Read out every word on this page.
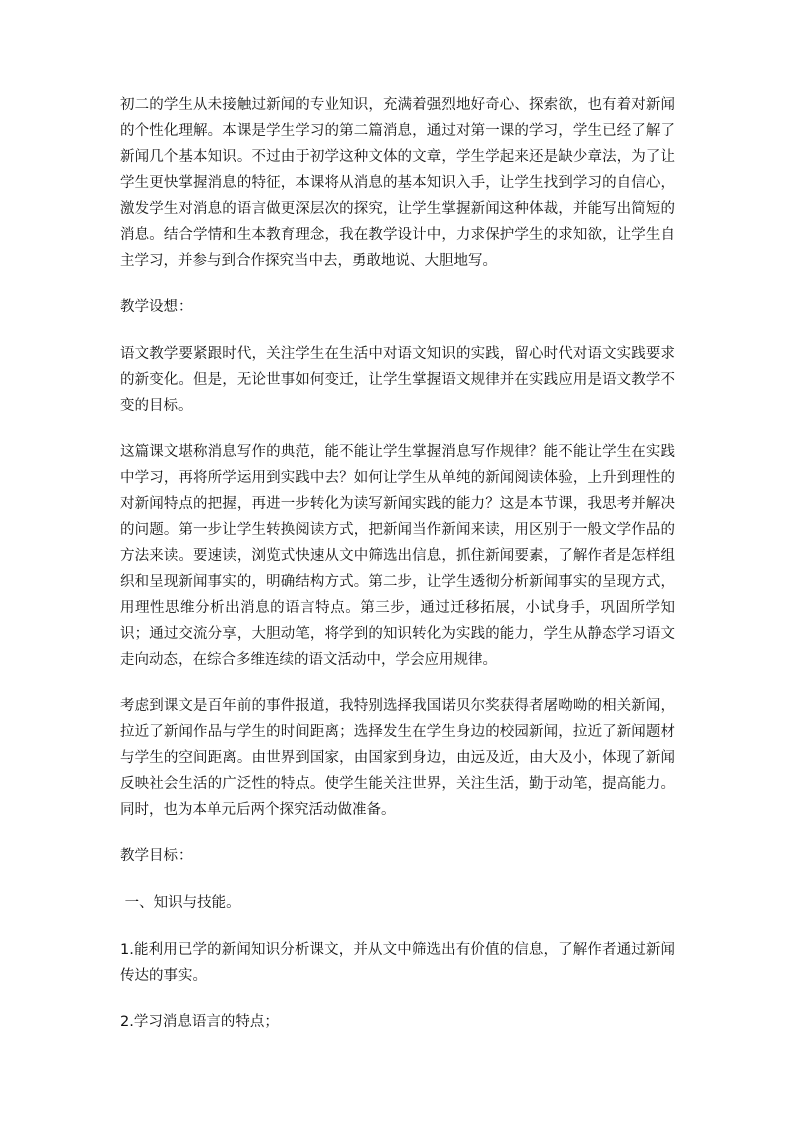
初二的学生从未接触过新闻的专业知识，充满着强烈地好奇心、探索欲，也有着对新闻的个性化理解。本课是学生学习的第二篇消息，通过对第一课的学习，学生已经了解了新闻几个基本知识。不过由于初学这种文体的文章，学生学起来还是缺少章法，为了让学生更快掌握消息的特征，本课将从消息的基本知识入手，让学生找到学习的自信心，激发学生对消息的语言做更深层次的探究，让学生掌握新闻这种体裁，并能写出简短的消息。结合学情和生本教育理念，我在教学设计中，力求保护学生的求知欲，让学生自主学习，并参与到合作探究当中去，勇敢地说、大胆地写。

教学设想：

语文教学要紧跟时代，关注学生在生活中对语文知识的实践，留心时代对语文实践要求的新变化。但是，无论世事如何变迁，让学生掌握语文规律并在实践应用是语文教学不变的目标。

这篇课文堪称消息写作的典范，能不能让学生掌握消息写作规律？能不能让学生在实践中学习，再将所学运用到实践中去？如何让学生从单纯的新闻阅读体验，上升到理性的对新闻特点的把握，再进一步转化为读写新闻实践的能力？这是本节课，我思考并解决的问题。第一步让学生转换阅读方式，把新闻当作新闻来读，用区别于一般文学作品的方法来读。要速读，浏览式快速从文中筛选出信息，抓住新闻要素，了解作者是怎样组织和呈现新闻事实的，明确结构方式。第二步，让学生透彻分析新闻事实的呈现方式，用理性思维分析出消息的语言特点。第三步，通过迁移拓展，小试身手，巩固所学知识；通过交流分享，大胆动笔，将学到的知识转化为实践的能力，学生从静态学习语文走向动态，在综合多维连续的语文活动中，学会应用规律。

考虑到课文是百年前的事件报道，我特别选择我国诺贝尔奖获得者屠呦呦的相关新闻，拉近了新闻作品与学生的时间距离；选择发生在学生身边的校园新闻，拉近了新闻题材与学生的空间距离。由世界到国家，由国家到身边，由远及近，由大及小，体现了新闻反映社会生活的广泛性的特点。使学生能关注世界，关注生活，勤于动笔，提高能力。同时，也为本单元后两个探究活动做准备。

教学目标：

一、知识与技能。

1.能利用已学的新闻知识分析课文，并从文中筛选出有价值的信息，了解作者通过新闻传达的事实。

2.学习消息语言的特点；
